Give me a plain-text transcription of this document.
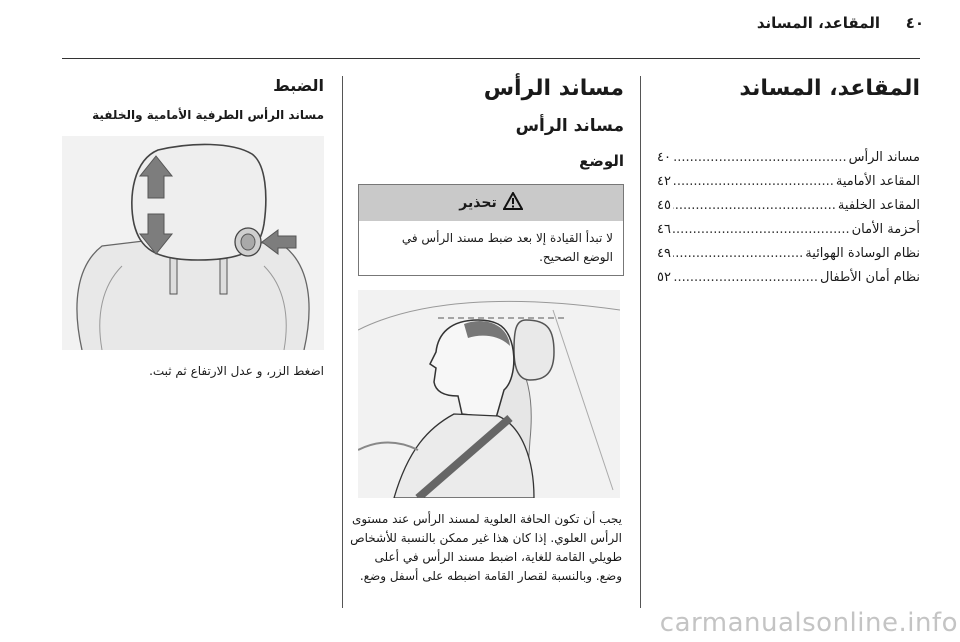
المقاعد، المساند ٤٠
المقاعد، المساند
مساند الرأس
.....
٤٠
المقاعد الأمامية
.....
٤٢
المقاعد الخلفية
.....
٤٥
أحزمة الأمان
.....
٤٦
نظام الوسادة الهوائية
.....
٤٩
نظام أمان الأطفال
.....
٥٢
مساند الرأس
مساند الرأس
الوضع
تحذير
لا تبدأ القيادة إلا بعد ضبط مسند الرأس في الوضع الصحيح.
يجب أن تكون الحافة العلوية لمسند الرأس عند مستوى الرأس العلوي. إذا كان هذا غير ممكن بالنسبة للأشخاص طويلي القامة للغاية، اضبط مسند الرأس في أعلى وضع. وبالنسبة لقصار القامة اضبطه على أسفل وضع.
الضبط
مساند الرأس الطرفية الأمامية والخلفية
اضغط الزر، و عدل الارتفاع ثم ثبت.
carmanualsonline.info
